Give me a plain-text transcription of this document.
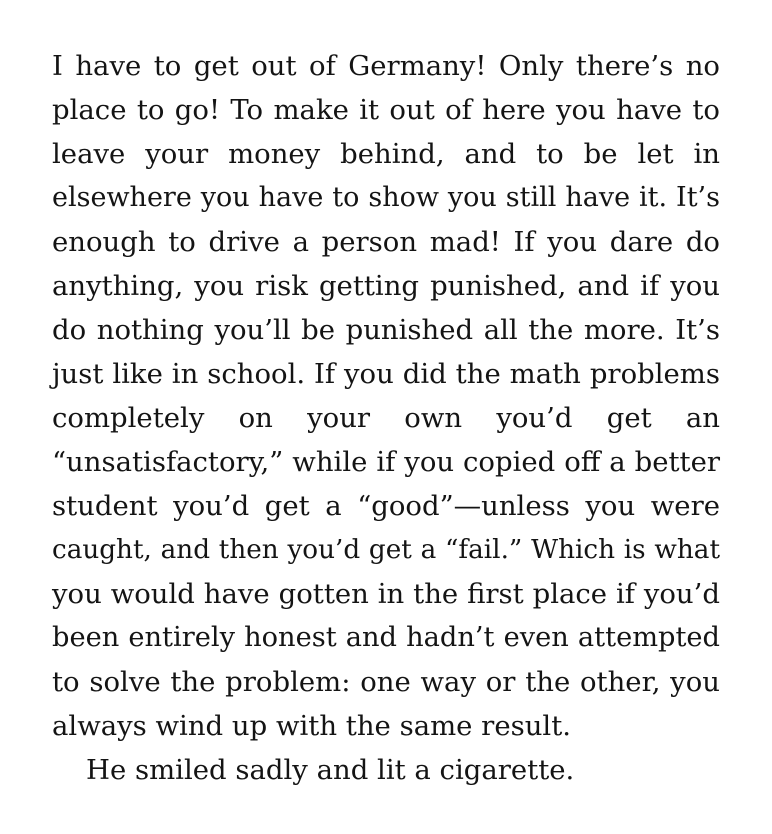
I have to get out of Germany! Only there’s no
place to go! To make it out of here you have to
leave your money behind, and to be let in
elsewhere you have to show you still have it. It’s
enough to drive a person mad! If you dare do
anything, you risk getting punished, and if you
do nothing you’ll be punished all the more. It’s
just like in school. If you did the math problems
completely on your own you’d get an
“unsatisfactory,” while if you copied off a better
student you’d get a “good”—unless you were
caught, and then you’d get a “fail.” Which is what
you would have gotten in the first place if you’d
been entirely honest and hadn’t even attempted
to solve the problem: one way or the other, you
always wind up with the same result.
He smiled sadly and lit a cigarette.
